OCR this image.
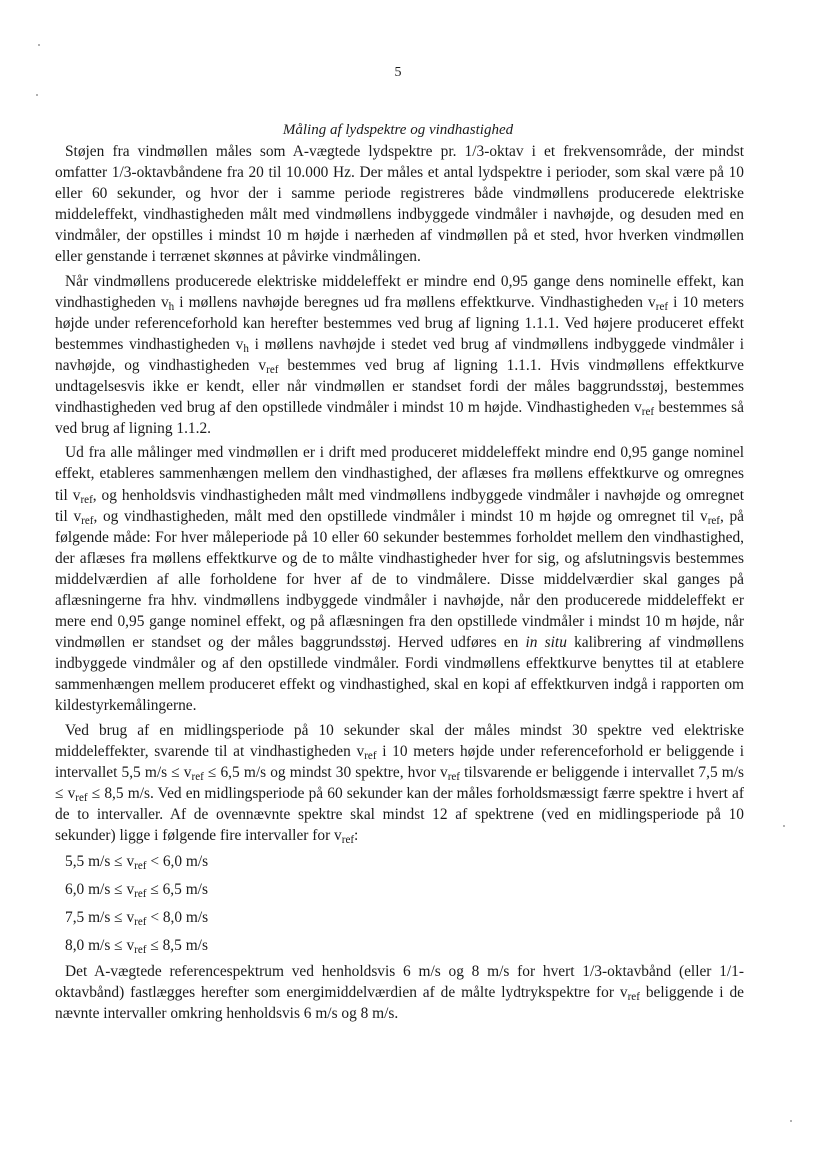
5
Måling af lydspektre og vindhastighed

Støjen fra vindmøllen måles som A-vægtede lydspektre pr. 1/3-oktav i et frekvensområde, der mindst omfatter 1/3-oktavbåndene fra 20 til 10.000 Hz. Der måles et antal lydspektre i perioder, som skal være på 10 eller 60 sekunder, og hvor der i samme periode registreres både vindmøllens producerede elektriske middeleffekt, vindhastigheden målt med vindmøllens indbyggede vindmåler i navhøjde, og desuden med en vindmåler, der opstilles i mindst 10 m højde i nærheden af vindmøllen på et sted, hvor hverken vindmøllen eller genstande i terrænet skønnes at påvirke vindmålingen.

Når vindmøllens producerede elektriske middeleffekt er mindre end 0,95 gange dens nominelle effekt, kan vindhastigheden $v_h$ i møllens navhøjde beregnes ud fra møllens effektkurve. Vindhastigheden $v_{ref}$ i 10 meters højde under referenceforhold kan herefter bestemmes ved brug af ligning 1.1.1. Ved højere produceret effekt bestemmes vindhastigheden $v_h$ i møllens navhøjde i stedet ved brug af vindmøllens indbyggede vindmåler i navhøjde, og vindhastigheden $v_{ref}$ bestemmes ved brug af ligning 1.1.1. Hvis vindmøllens effektkurve undtagelsesvis ikke er kendt, eller når vindmøllen er standset fordi der måles baggrundsstøj, bestemmes vindhastigheden ved brug af den opstillede vindmåler i mindst 10 m højde. Vindhastigheden $v_{ref}$ bestemmes så ved brug af ligning 1.1.2.

Ud fra alle målinger med vindmøllen er i drift med produceret middeleffekt mindre end 0,95 gange nominel effekt, etableres sammenhængen mellem den vindhastighed, der aflæses fra møllens effektkurve og omregnes til $v_{ref}$, og henholdsvis vindhastigheden målt med vindmøllens indbyggede vindmåler i navhøjde og omregnet til $v_{ref}$, og vindhastigheden, målt med den opstillede vindmåler i mindst 10 m højde og omregnet til $v_{ref}$, på følgende måde: For hver måleperiode på 10 eller 60 sekunder bestemmes forholdet mellem den vindhastighed, der aflæses fra møllens effektkurve og de to målte vindhastigheder hver for sig, og afslutningsvis bestemmes middelværdien af alle forholdene for hver af de to vindmålere. Disse middelværdier skal ganges på aflæsningerne fra hhv. vindmøllens indbyggede vindmåler i navhøjde, når den producerede middeleffekt er mere end 0,95 gange nominel effekt, og på aflæsningen fra den opstillede vindmåler i mindst 10 m højde, når vindmøllen er standset og der måles baggrundsstøj. Herved udføres en in situ kalibrering af vindmøllens indbyggede vindmåler og af den opstillede vindmåler. Fordi vindmøllens effektkurve benyttes til at etablere sammenhængen mellem produceret effekt og vindhastighed, skal en kopi af effektkurven indgå i rapporten om kildestyrkemålingerne.

Ved brug af en midlingsperiode på 10 sekunder skal der måles mindst 30 spektre ved elektriske middeleffekter, svarende til at vindhastigheden $v_{ref}$ i 10 meters højde under referenceforhold er beliggende i intervallet 5,5 $m/s \le v_{ref} \le 6,5$ m/s og mindst 30 spektre, hvor $v_{ref}$ tilsvarende er beliggende i intervallet 7,5 $m/s \le v_{ref} \le 8,5$ m/s. Ved en midlingsperiode på 60 sekunder kan der måles forholdsmæssigt færre spektre i hvert af de to intervaller. Af de ovennævnte spektre skal mindst 12 af spektrene (ved en midlingsperiode på 10 sekunder) ligge i følgende fire intervaller for $v_{ref}$:

5,5 $m/s \le v_{ref} < 6,0$ m/s

6,0 $m/s \le v_{ref} \le 6,5$ m/s

7,5 $m/s \le v_{ref} < 8,0$ m/s

8,0 $m/s \le v_{ref} \le 8,5$ m/s

Det A-vægtede referencespektrum ved henholdsvis 6 m/s og 8 m/s for hvert 1/3-oktavbånd (eller 1/1-oktavbånd) fastlægges herefter som energimiddelværdien af de målte lydtrykspektre for $v_{ref}$ beliggende i de nævnte intervaller omkring henholdsvis 6 m/s og 8 m/s.
